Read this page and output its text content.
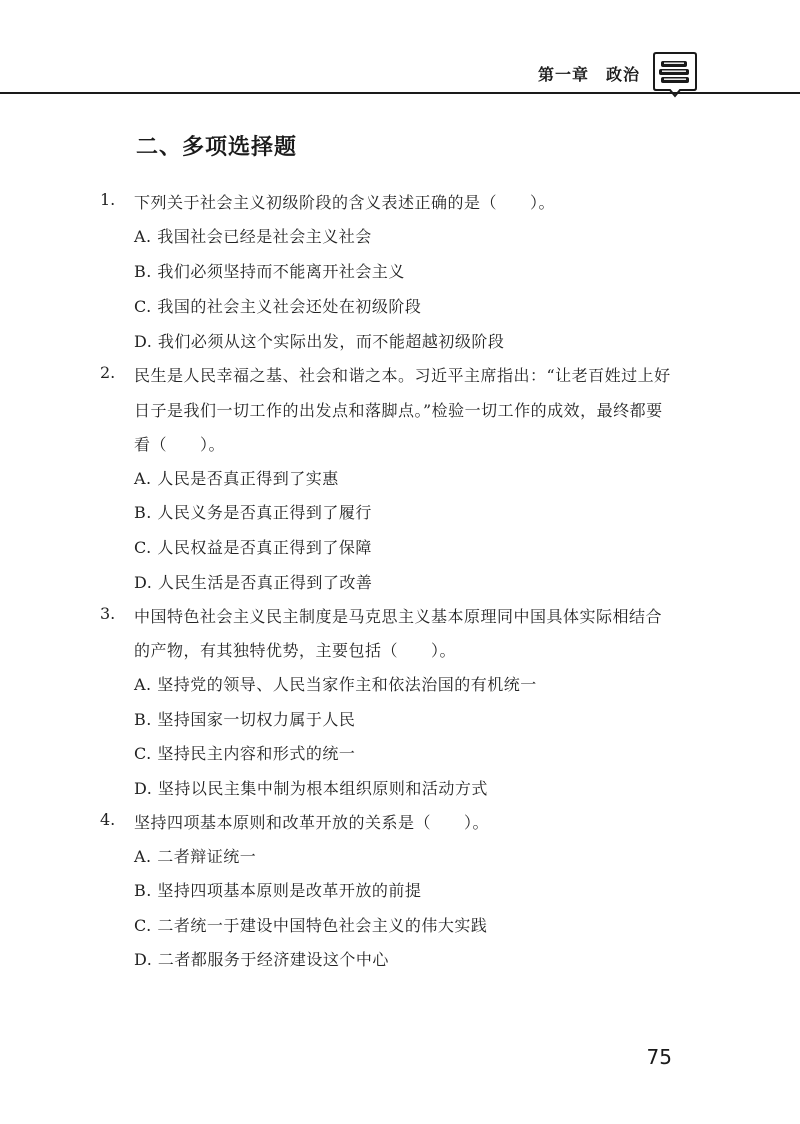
第一章　政治
二、多项选择题
1. 下列关于社会主义初级阶段的含义表述正确的是（　　）。
A. 我国社会已经是社会主义社会
B. 我们必须坚持而不能离开社会主义
C. 我国的社会主义社会还处在初级阶段
D. 我们必须从这个实际出发，而不能超越初级阶段
2. 民生是人民幸福之基、社会和谐之本。习近平主席指出：“让老百姓过上好
日子是我们一切工作的出发点和落脚点。”检验一切工作的成效，最终都要
看（　　）。
A. 人民是否真正得到了实惠
B. 人民义务是否真正得到了履行
C. 人民权益是否真正得到了保障
D. 人民生活是否真正得到了改善
3. 中国特色社会主义民主制度是马克思主义基本原理同中国具体实际相结合
的产物，有其独特优势，主要包括（　　）。
A. 坚持党的领导、人民当家作主和依法治国的有机统一
B. 坚持国家一切权力属于人民
C. 坚持民主内容和形式的统一
D. 坚持以民主集中制为根本组织原则和活动方式
4. 坚持四项基本原则和改革开放的关系是（　　）。
A. 二者辩证统一
B. 坚持四项基本原则是改革开放的前提
C. 二者统一于建设中国特色社会主义的伟大实践
D. 二者都服务于经济建设这个中心
75
